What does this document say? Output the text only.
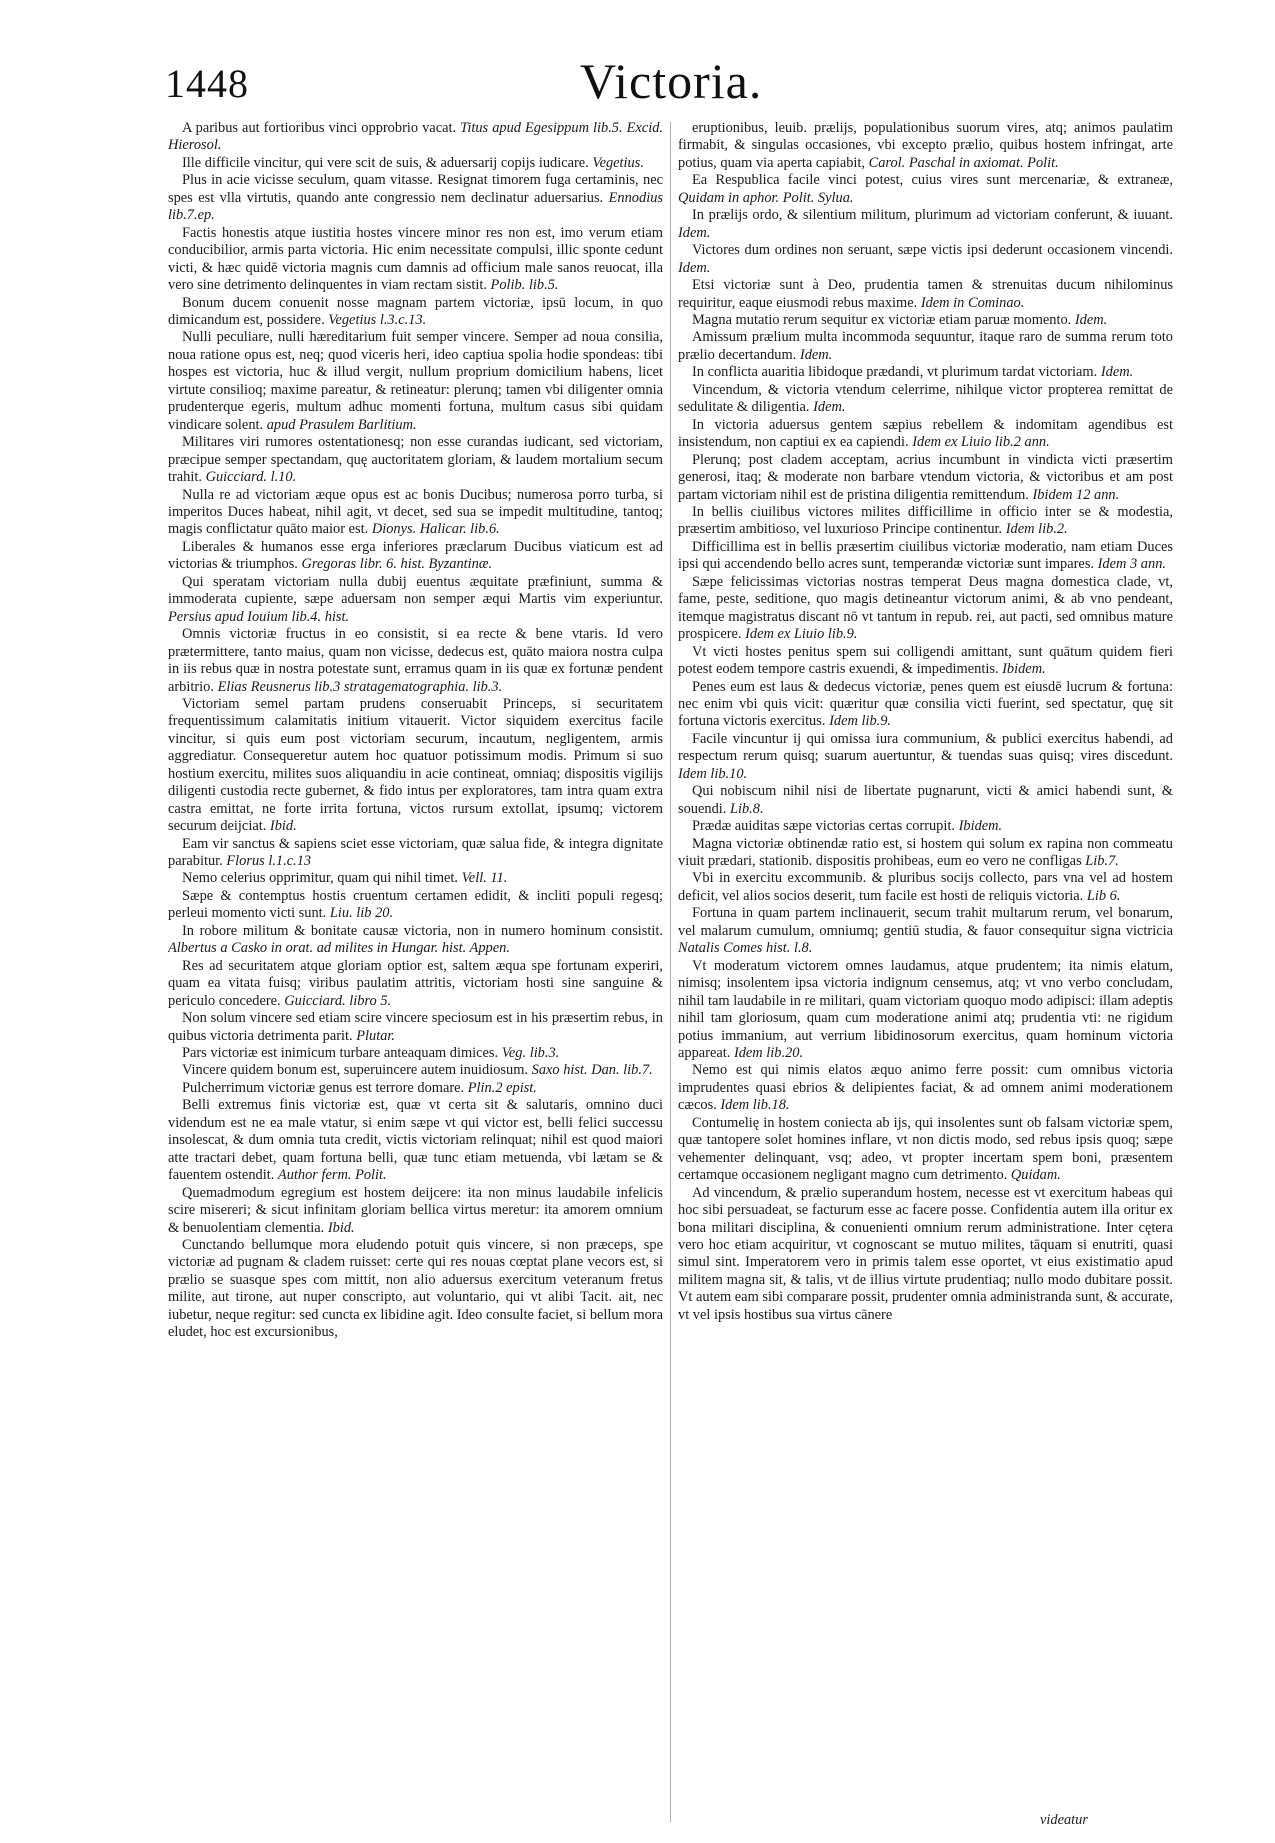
1448	Victoria.

A paribus aut fortioribus vinci opprobrio vacat. Titus apud Egesippum lib.5. Excid. Hierosol.

Ille difficile vincitur, qui vere scit de suis, & aduersarij copijs iudicare. Vegetius.

Plus in acie vicisse seculum, quam vitasse. Resignat timorem fuga certaminis, nec spes est vlla virtutis, quando ante congressio nem declinatur aduersarius. Ennodius lib.7.ep.

Factis honestis atque iustitia hostes vincere minor res non est, imo verum etiam conducibilior, armis parta victoria. Hic enim necessitate compulsi, illic sponte cedunt victi, & hæc quidē victoria magnis cum damnis ad officium male sanos reuocat, illa vero sine detrimento delinquentes in viam rectam sistit. Polib. lib.5.

Bonum ducem conuenit nosse magnam partem victoriæ, ipsū locum, in quo dimicandum est, possidere. Vegetius l.3.c.13.

Nulli peculiare, nulli hæreditarium fuit semper vincere. Semper ad noua consilia, noua ratione opus est, neq; quod viceris heri, ideo captiua spolia hodie spondeas: tibi hospes est victoria, huc & illud vergit, nullum proprium domicilium habens, licet virtute consilioq; maxime pareatur, & retineatur: plerunq; tamen vbi diligenter omnia prudenterque egeris, multum adhuc momenti fortuna, multum casus sibi quidam vindicare solent. apud Prasulem Barlitium.

Militares viri rumores ostentationesq; non esse curandas iudicant, sed victoriam, præcipue semper spectandam, quę auctoritatem gloriam, & laudem mortalium secum trahit. Guicciard. l.10.

Nulla re ad victoriam æque opus est ac bonis Ducibus; numerosa porro turba, si imperitos Duces habeat, nihil agit, vt decet, sed sua se impedit multitudine, tantoq; magis conflictatur quāto maior est. Dionys. Halicar. lib.6.

Liberales & humanos esse erga inferiores præclarum Ducibus viaticum est ad victorias & triumphos. Gregoras libr. 6. hist. Byzantinæ.

Qui speratam victoriam nulla dubij euentus æquitate præfiniunt, summa & immoderata cupiente, sæpe aduersam non semper æqui Martis vim experiuntur. Persius apud Iouium lib.4. hist.

Omnis victoriæ fructus in eo consistit, si ea recte & bene vtaris. Id vero prætermittere, tanto maius, quam non vicisse, dedecus est, quāto maiora nostra culpa in iis rebus quæ in nostra potestate sunt, erramus quam in iis quæ ex fortunæ pendent arbitrio. Elias Reusnerus lib.3 stratagematographia. lib.3.

Victoriam semel partam prudens conseruabit Princeps, si securitatem frequentissimum calamitatis initium vitauerit. Victor siquidem exercitus facile vincitur, si quis eum post victoriam securum, incautum, negligentem, armis aggrediatur. Consequeretur autem hoc quatuor potissimum modis. Primum si suo hostium exercitu, milites suos aliquandiu in acie contineat, omniaq; dispositis vigilijs diligenti custodia recte gubernet, & fido intus per exploratores, tam intra quam extra castra emittat, ne forte irrita fortuna, victos rursum extollat, ipsumq; victorem securum deijciat. Ibid.

Eam vir sanctus & sapiens sciet esse victoriam, quæ salua fide, & integra dignitate parabitur. Florus l.1.c.13

Nemo celerius opprimitur, quam qui nihil timet. Vell. 11.

Sæpe & contemptus hostis cruentum certamen edidit, & incliti populi regesq; perleui momento victi sunt. Liu. lib 20.

In robore militum & bonitate causæ victoria, non in numero hominum consistit. Albertus a Casko in orat. ad milites in Hungar. hist. Appen.

Res ad securitatem atque gloriam optior est, saltem æqua spe fortunam experiri, quam ea vitata fuisq; viribus paulatim attritis, victoriam hosti sine sanguine & periculo concedere. Guicciard. libro 5.

Non solum vincere sed etiam scire vincere speciosum est in his præsertim rebus, in quibus victoria detrimenta parit. Plutar.

Pars victoriæ est inimicum turbare anteaquam dimices. Veg. lib.3.

Vincere quidem bonum est, superuincere autem inuidiosum. Saxo hist. Dan. lib.7.

Pulcherrimum victoriæ genus est terrore domare. Plin.2 epist.

Belli extremus finis victoriæ est, quæ vt certa sit & salutaris, omnino duci videndum est ne ea male vtatur, si enim sæpe vt qui victor est, belli felici successu insolescat, & dum omnia tuta credit, victis victoriam relinquat; nihil est quod maiori atte tractari debet, quam fortuna belli, quæ tunc etiam metuenda, vbi lætam se & fauentem ostendit. Author ferm. Polit.

Quemadmodum egregium est hostem deijcere: ita non minus laudabile infelicis scire misereri; & sicut infinitam gloriam bellica virtus meretur: ita amorem omnium & benuolentiam clementia. Ibid.

Cunctando bellumque mora eludendo potuit quis vincere, si non præceps, spe victoriæ ad pugnam & cladem ruisset: certe qui res nouas cœptat plane vecors est, si prælio se suasque spes com mittit, non alio aduersus exercitum veteranum fretus milite, aut tirone, aut nuper conscripto, aut voluntario, qui vt alibi Tacit. ait, nec iubetur, neque regitur: sed cuncta ex libidine agit. Ideo consulte faciet, si bellum mora eludet, hoc est excursionibus,

eruptionibus, leuib. prælijs, populationibus suorum vires, atq; animos paulatim firmabit, & singulas occasiones, vbi excepto prælio, quibus hostem infringat, arte potius, quam via aperta capiabit, Carol. Paschal in axiomat. Polit.

Ea Respublica facile vinci potest, cuius vires sunt mercenariæ, & extraneæ, Quidam in aphor. Polit. Sylua.

In prælijs ordo, & silentium militum, plurimum ad victoriam conferunt, & iuuant. Idem.

Victores dum ordines non seruant, sæpe victis ipsi dederunt occasionem vincendi. Idem.

Etsi victoriæ sunt à Deo, prudentia tamen & strenuitas ducum nihilominus requiritur, eaque eiusmodi rebus maxime. Idem in Cominao.

Magna mutatio rerum sequitur ex victoriæ etiam paruæ momento. Idem.

Amissum prælium multa incommoda sequuntur, itaque raro de summa rerum toto prælio decertandum. Idem.

In conflicta auaritia libidoque prædandi, vt plurimum tardat victoriam. Idem.

Vincendum, & victoria vtendum celerrime, nihilque victor propterea remittat de sedulitate & diligentia. Idem.

In victoria aduersus gentem sæpius rebellem & indomitam agendibus est insistendum, non captiui ex ea capiendi. Idem ex Liuio lib.2 ann.

Plerunq; post cladem acceptam, acrius incumbunt in vindicta victi præsertim generosi, itaq; & moderate non barbare vtendum victoria, & victoribus et am post partam victoriam nihil est de pristina diligentia remittendum. Ibidem 12 ann.

In bellis ciuilibus victores milites difficillime in officio inter se & modestia, præsertim ambitioso, vel luxurioso Principe continentur. Idem lib.2.

Difficillima est in bellis præsertim ciuilibus victoriæ moderatio, nam etiam Duces ipsi qui accendendo bello acres sunt, temperandæ victoriæ sunt impares. Idem 3 ann.

Sæpe felicissimas victorias nostras temperat Deus magna domestica clade, vt, fame, peste, seditione, quo magis detineantur victorum animi, & ab vno pendeant, itemque magistratus discant nō vt tantum in repub. rei, aut pacti, sed omnibus mature prospicere. Idem ex Liuio lib.9.

Vt victi hostes penitus spem sui colligendi amittant, sunt quātum quidem fieri potest eodem tempore castris exuendi, & impedimentis. Ibidem.

Penes eum est laus & dedecus victoriæ, penes quem est eiusdē lucrum & fortuna: nec enim vbi quis vicit: quæritur quæ consilia victi fuerint, sed spectatur, quę sit fortuna victoris exercitus. Idem lib.9.

Facile vincuntur ij qui omissa iura communium, & publici exercitus habendi, ad respectum rerum quisq; suarum auertuntur, & tuendas suas quisq; vires discedunt. Idem lib.10.

Qui nobiscum nihil nisi de libertate pugnarunt, victi & amici habendi sunt, & souendi. Lib.8.

Prædæ auiditas sæpe victorias certas corrupit. Ibidem.

Magna victoriæ obtinendæ ratio est, si hostem qui solum ex rapina non commeatu viuit prædari, stationib. dispositis prohibeas, eum eo vero ne confligas Lib.7.

Vbi in exercitu excommunib. & pluribus socijs collecto, pars vna vel ad hostem deficit, vel alios socios deserit, tum facile est hosti de reliquis victoria. Lib 6.

Fortuna in quam partem inclinauerit, secum trahit multarum rerum, vel bonarum, vel malarum cumulum, omniumq; gentiū studia, & fauor consequitur signa victricia Natalis Comes hist. l.8.

Vt moderatum victorem omnes laudamus, atque prudentem; ita nimis elatum, nimisq; insolentem ipsa victoria indignum censemus, atq; vt vno verbo concludam, nihil tam laudabile in re militari, quam victoriam quoquo modo adipisci: illam adeptis nihil tam gloriosum, quam cum moderatione animi atq; prudentia vti: ne rigidum potius immanium, aut verrium libidinosorum exercitus, quam hominum victoria appareat. Idem lib.20.

Nemo est qui nimis elatos æquo animo ferre possit: cum omnibus victoria imprudentes quasi ebrios & delipientes faciat, & ad omnem animi moderationem cæcos. Idem lib.18.

Contumelię in hostem coniecta ab ijs, qui insolentes sunt ob falsam victoriæ spem, quæ tantopere solet homines inflare, vt non dictis modo, sed rebus ipsis quoq; sæpe vehementer delinquant, vsq; adeo, vt propter incertam spem boni, præsentem certamque occasionem negligant magno cum detrimento. Quidam.

Ad vincendum, & prælio superandum hostem, necesse est vt exercitum habeas qui hoc sibi persuadeat, se facturum esse ac facere posse. Confidentia autem illa oritur ex bona militari disciplina, & conuenienti omnium rerum administratione. Inter cętera vero hoc etiam acquiritur, vt cognoscant se mutuo milites, tāquam si enutriti, quasi simul sint. Imperatorem vero in primis talem esse oportet, vt eius existimatio apud militem magna sit, & talis, vt de illius virtute prudentiaq; nullo modo dubitare possit. Vt autem eam sibi comparare possit, prudenter omnia administranda sunt, & accurate, vt vel ipsis hostibus sua virtus cānere

videatur
